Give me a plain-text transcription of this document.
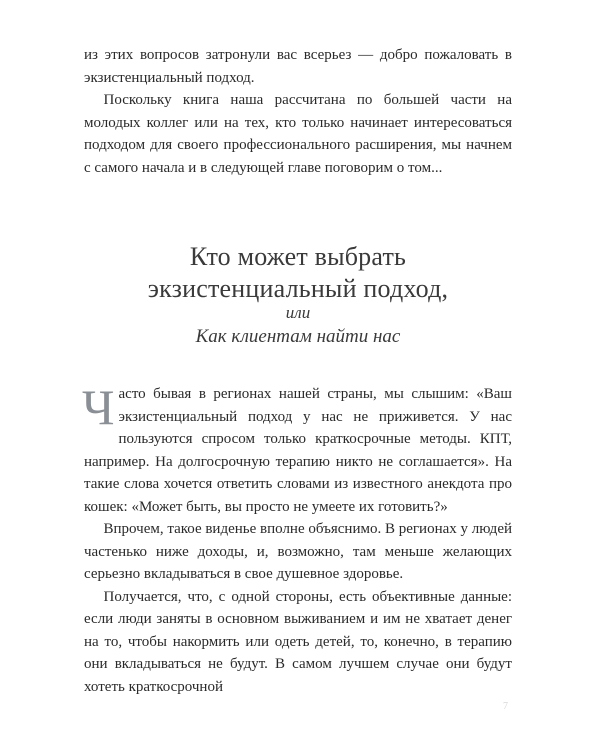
из этих вопросов затронули вас всерьез — добро пожаловать в экзистенциальный подход.

Поскольку книга наша рассчитана по большей части на молодых коллег или на тех, кто только начинает интересоваться подходом для своего профессионального расширения, мы начнем с самого начала и в следующей главе поговорим о том...

Кто может выбрать
экзистенциальный подход,
или
Как клиентам найти нас

Часто бывая в регионах нашей страны, мы слышим: «Ваш экзистенциальный подход у нас не приживется. У нас пользуются спросом только краткосрочные методы. КПТ, например. На долгосрочную терапию никто не соглашается». На такие слова хочется ответить словами из известного анекдота про кошек: «Может быть, вы просто не умеете их готовить?»

Впрочем, такое виденье вполне объяснимо. В регионах у людей частенько ниже доходы, и, возможно, там меньше желающих серьезно вкладываться в свое душевное здоровье.

Получается, что, с одной стороны, есть объективные данные: если люди заняты в основном выживанием и им не хватает денег на то, чтобы накормить или одеть детей, то, конечно, в терапию они вкладываться не будут. В самом лучшем случае они будут хотеть краткосрочной

7
